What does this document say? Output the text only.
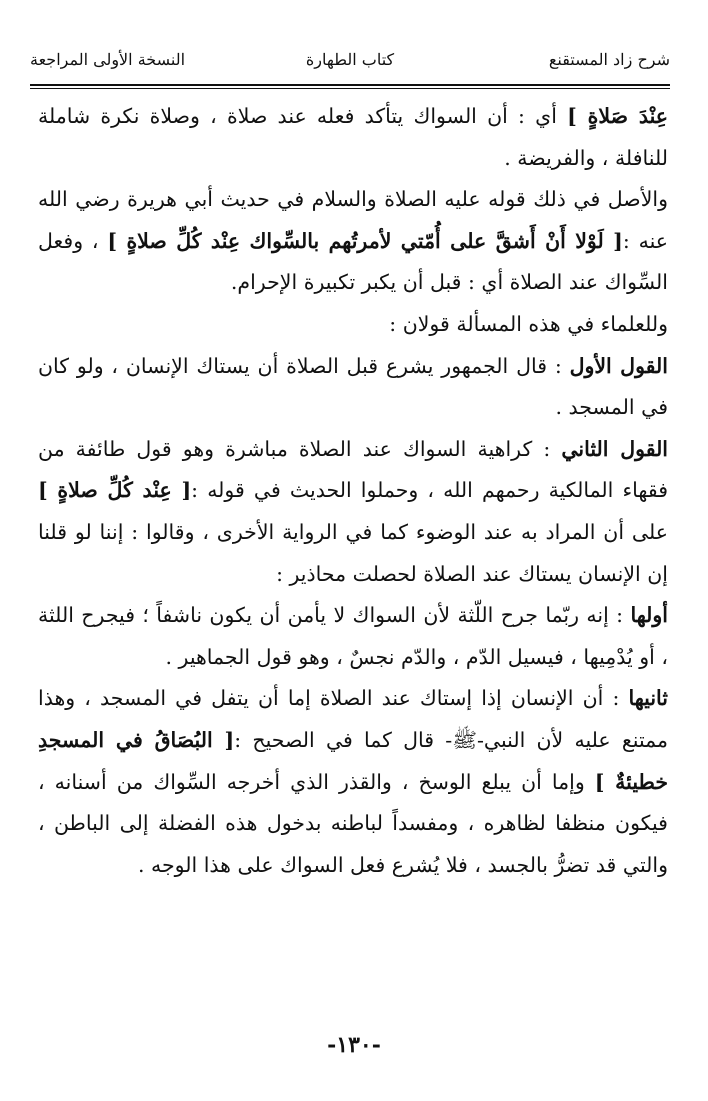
شرح زاد المستقنع
كتاب الطهارة
النسخة الأولى المراجعة

عِنْدَ صَلاةٍ ] أي : أن السواك يتأكد فعله عند صلاة ، وصلاة نكرة شاملة للنافلة ، والفريضة .

والأصل في ذلك قوله عليه الصلاة والسلام في حديث أبي هريرة رضي الله عنه :[ لَوْلا أَنْ أَشقَّ على أُمّتي لأمرتُهم بالسِّواك عِنْد كُلِّ صلاةٍ ] ، وفعل السِّواك عند الصلاة أي : قبل أن يكبر تكبيرة الإحرام.

وللعلماء في هذه المسألة قولان :

القول الأول : قال الجمهور يشرع قبل الصلاة أن يستاك الإنسان ، ولو كان في المسجد .

القول الثاني : كراهية السواك عند الصلاة مباشرة وهو قول طائفة من فقهاء المالكية رحمهم الله ، وحملوا الحديث في قوله :[ عِنْد كُلِّ صلاةٍ ] على أن المراد به عند الوضوء كما في الرواية الأخرى ، وقالوا : إننا لو قلنا إن الإنسان يستاك عند الصلاة لحصلت محاذير :

أولها : إنه ربّما جرح اللّثة لأن السواك لا يأمن أن يكون ناشفاً ؛ فيجرح اللثة ، أو يُدْمِيها ، فيسيل الدّم ، والدّم نجسٌ ، وهو قول الجماهير .

ثانيها : أن الإنسان إذا إستاك عند الصلاة إما أن يتفل في المسجد ، وهذا ممتنع عليه لأن النبي-ﷺ- قال كما في الصحيح :[ البُصَاقُ في المسجدِ خطيئةٌ ] وإما أن يبلع الوسخ ، والقذر الذي أخرجه السِّواك من أسنانه ، فيكون منظفا لظاهره ، ومفسداً لباطنه بدخول هذه الفضلة إلى الباطن ، والتي قد تضرُّ بالجسد ، فلا يُشرع فعل السواك على هذا الوجه .

-١٣٠-
